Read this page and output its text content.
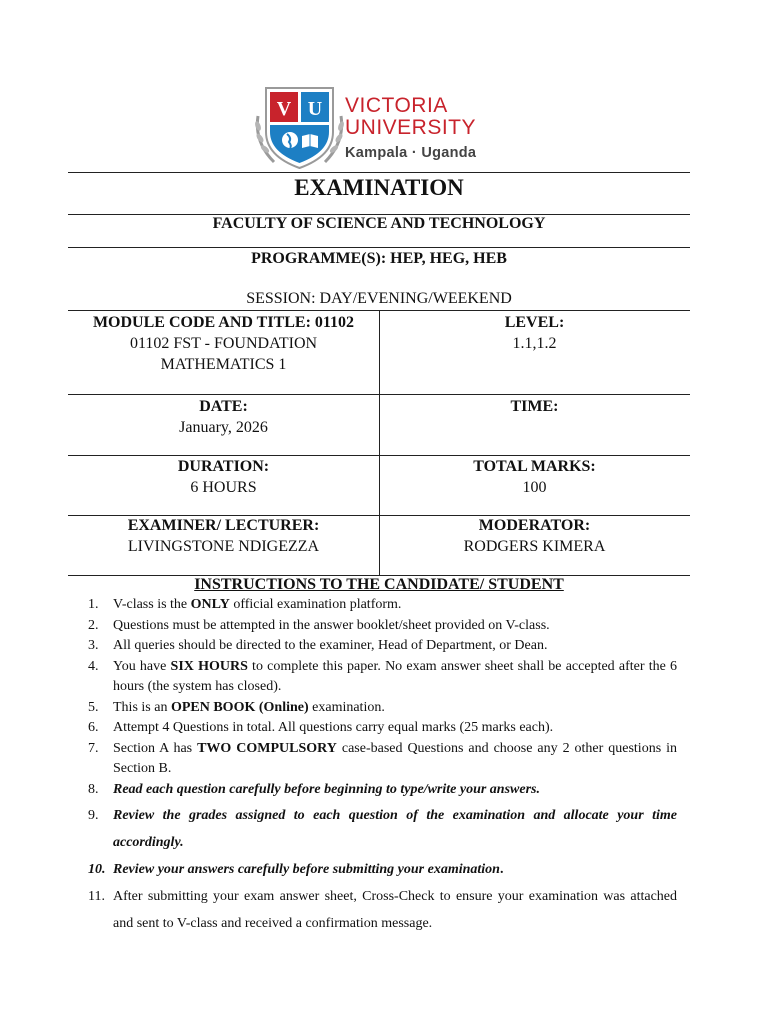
V U VICTORIA
UNIVERSITY
Kampala · Uganda
EXAMINATION
FACULTY OF SCIENCE AND TECHNOLOGY
PROGRAMME(S): HEP, HEG, HEB
SESSION: DAY/EVENING/WEEKEND
MODULE CODE AND TITLE: 01102
01102 FST - FOUNDATION
MATHEMATICS 1
LEVEL:
1.1,1.2
DATE:
January, 2026
TIME:
DURATION:
6 HOURS
TOTAL MARKS:
100
EXAMINER/ LECTURER:
LIVINGSTONE NDIGEZZA
MODERATOR:
RODGERS KIMERA
INSTRUCTIONS TO THE CANDIDATE/ STUDENT
1. V-class is the ONLY official examination platform.
2. Questions must be attempted in the answer booklet/sheet provided on V-class.
3. All queries should be directed to the examiner, Head of Department, or Dean.
4. You have SIX HOURS to complete this paper. No exam answer sheet shall be accepted after the 6 hours (the system has closed).
5. This is an OPEN BOOK (Online) examination.
6. Attempt 4 Questions in total. All questions carry equal marks (25 marks each).
7. Section A has TWO COMPULSORY case-based Questions and choose any 2 other questions in Section B.
8. Read each question carefully before beginning to type/write your answers.
9. Review the grades assigned to each question of the examination and allocate your time accordingly.
10. Review your answers carefully before submitting your examination.
11. After submitting your exam answer sheet, Cross-Check to ensure your examination was attached and sent to V-class and received a confirmation message.
